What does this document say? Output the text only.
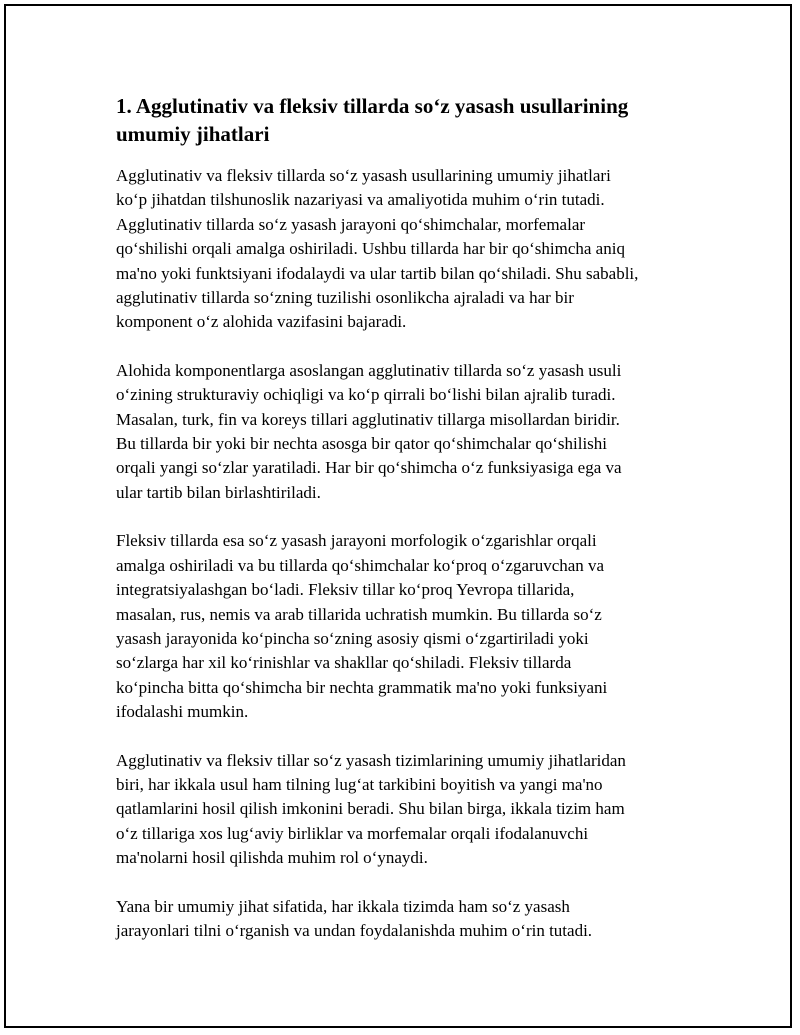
1. Agglutinativ va fleksiv tillarda so‘z yasash usullarining
umumiy jihatlari

Agglutinativ va fleksiv tillarda so‘z yasash usullarining umumiy jihatlari
ko‘p jihatdan tilshunoslik nazariyasi va amaliyotida muhim o‘rin tutadi.
Agglutinativ tillarda so‘z yasash jarayoni qo‘shimchalar, morfemalar
qo‘shilishi orqali amalga oshiriladi. Ushbu tillarda har bir qo‘shimcha aniq
ma'no yoki funktsiyani ifodalaydi va ular tartib bilan qo‘shiladi. Shu sababli,
agglutinativ tillarda so‘zning tuzilishi osonlikcha ajraladi va har bir
komponent o‘z alohida vazifasini bajaradi.

Alohida komponentlarga asoslangan agglutinativ tillarda so‘z yasash usuli
o‘zining strukturaviy ochiqligi va ko‘p qirrali bo‘lishi bilan ajralib turadi.
Masalan, turk, fin va koreys tillari agglutinativ tillarga misollardan biridir.
Bu tillarda bir yoki bir nechta asosga bir qator qo‘shimchalar qo‘shilishi
orqali yangi so‘zlar yaratiladi. Har bir qo‘shimcha o‘z funksiyasiga ega va
ular tartib bilan birlashtiriladi.

Fleksiv tillarda esa so‘z yasash jarayoni morfologik o‘zgarishlar orqali
amalga oshiriladi va bu tillarda qo‘shimchalar ko‘proq o‘zgaruvchan va
integratsiyalashgan bo‘ladi. Fleksiv tillar ko‘proq Yevropa tillarida,
masalan, rus, nemis va arab tillarida uchratish mumkin. Bu tillarda so‘z
yasash jarayonida ko‘pincha so‘zning asosiy qismi o‘zgartiriladi yoki
so‘zlarga har xil ko‘rinishlar va shakllar qo‘shiladi. Fleksiv tillarda
ko‘pincha bitta qo‘shimcha bir nechta grammatik ma'no yoki funksiyani
ifodalashi mumkin.

Agglutinativ va fleksiv tillar so‘z yasash tizimlarining umumiy jihatlaridan
biri, har ikkala usul ham tilning lug‘at tarkibini boyitish va yangi ma'no
qatlamlarini hosil qilish imkonini beradi. Shu bilan birga, ikkala tizim ham
o‘z tillariga xos lug‘aviy birliklar va morfemalar orqali ifodalanuvchi
ma'nolarni hosil qilishda muhim rol o‘ynaydi.

Yana bir umumiy jihat sifatida, har ikkala tizimda ham so‘z yasash
jarayonlari tilni o‘rganish va undan foydalanishda muhim o‘rin tutadi.
